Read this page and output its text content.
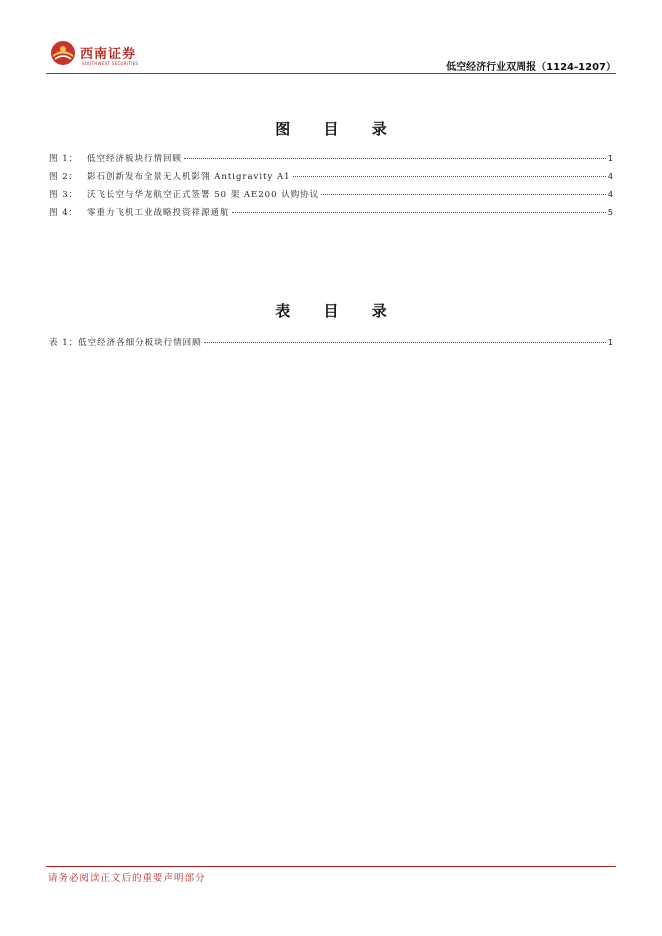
西南证券
SOUTHWEST SECURITIES	低空经济行业双周报（1124-1207）
图 目 录
图 1：	低空经济板块行情回顾	1
图 2：	影石创新发布全景无人机影翎 Antigravity A1	4
图 3：	沃飞长空与华龙航空正式签署 50 架 AE200 认购协议	4
图 4：	零重力飞机工业战略投资祥源通航	5
表 目 录
表 1： 低空经济各细分板块行情回顾	1
请务必阅读正文后的重要声明部分
